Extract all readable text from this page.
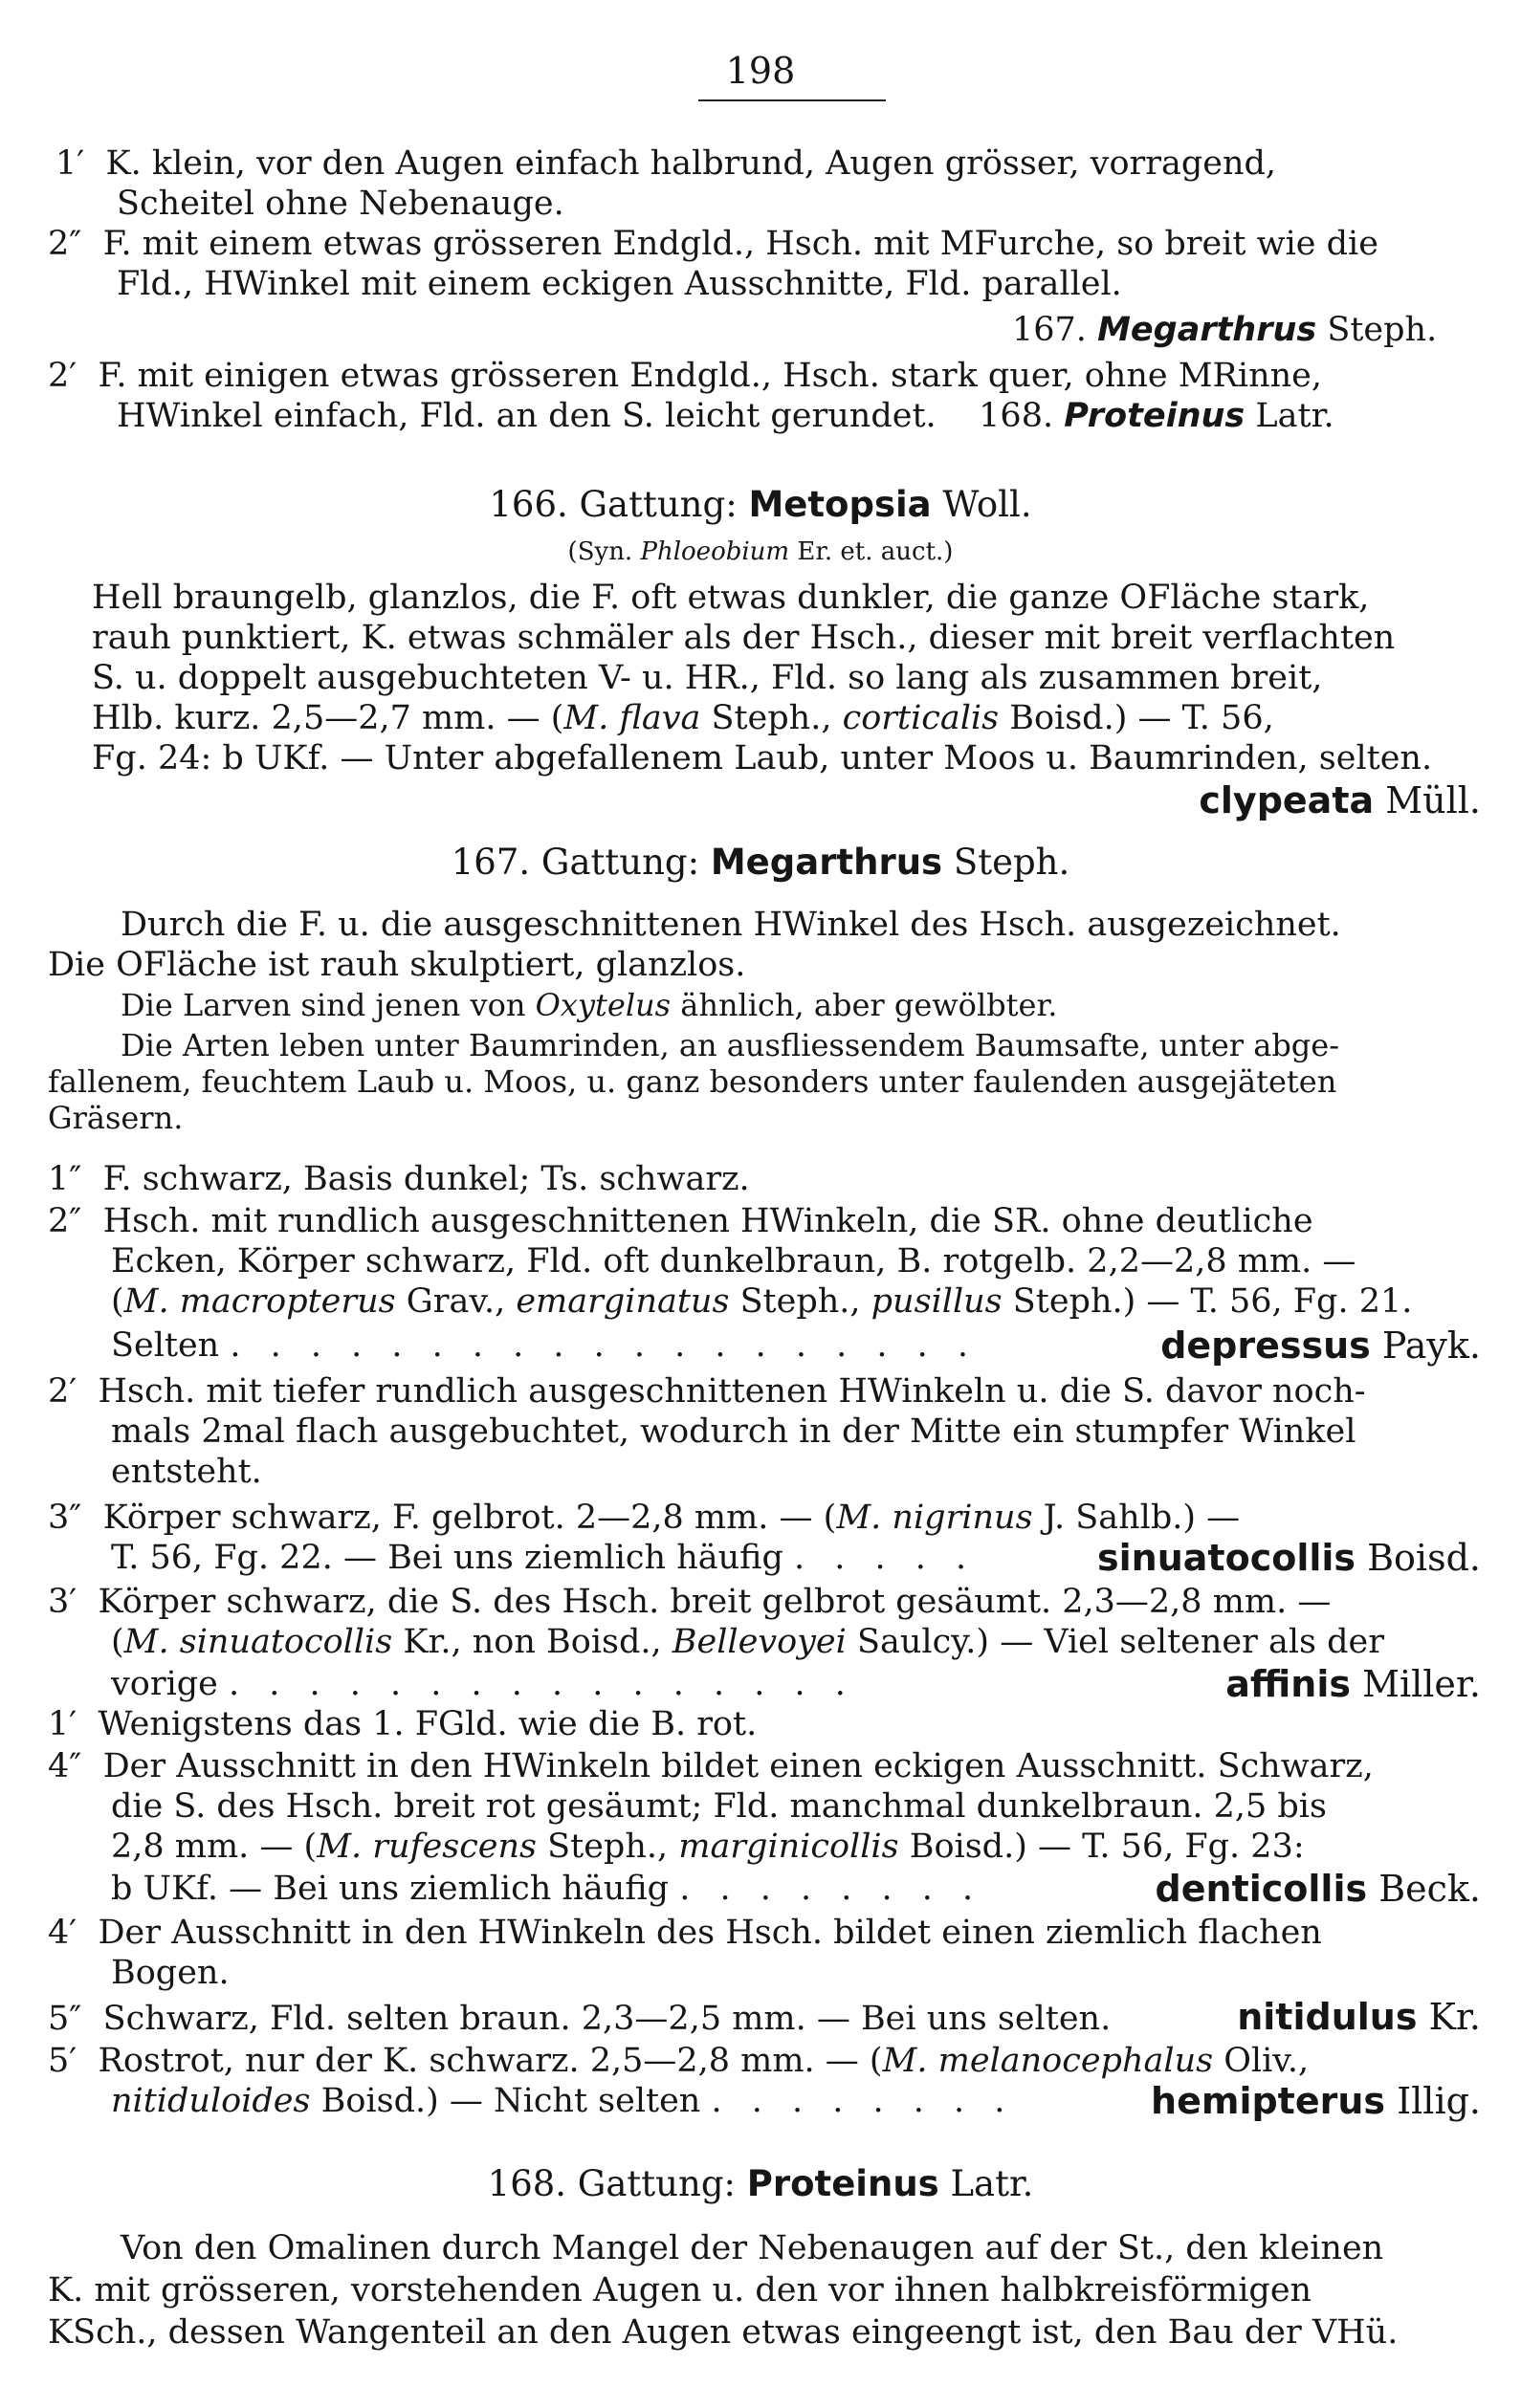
198
1′ K. klein, vor den Augen einfach halbrund, Augen grösser, vorragend,
Scheitel ohne Nebenauge.
2″ F. mit einem etwas grösseren Endgld., Hsch. mit MFurche, so breit wie die
Fld., HWinkel mit einem eckigen Ausschnitte, Fld. parallel.
167. Megarthrus Steph.
2′ F. mit einigen etwas grösseren Endgld., Hsch. stark quer, ohne MRinne,
HWinkel einfach, Fld. an den S. leicht gerundet. 168. Proteinus Latr.
166. Gattung: Metopsia Woll.
(Syn. Phloeobium Er. et. auct.)
Hell braungelb, glanzlos, die F. oft etwas dunkler, die ganze OFläche stark,
rauh punktiert, K. etwas schmäler als der Hsch., dieser mit breit verflachten
S. u. doppelt ausgebuchteten V- u. HR., Fld. so lang als zusammen breit,
Hlb. kurz. 2,5—2,7 mm. — (M. flava Steph., corticalis Boisd.) — T. 56,
Fg. 24: b UKf. — Unter abgefallenem Laub, unter Moos u. Baumrinden, selten.
clypeata Müll.
167. Gattung: Megarthrus Steph.
Durch die F. u. die ausgeschnittenen HWinkel des Hsch. ausgezeichnet.
Die OFläche ist rauh skulptiert, glanzlos.
Die Larven sind jenen von Oxytelus ähnlich, aber gewölbter.
Die Arten leben unter Baumrinden, an ausfliessendem Baumsafte, unter abge-
fallenem, feuchtem Laub u. Moos, u. ganz besonders unter faulenden ausgejäteten
Gräsern.
1″ F. schwarz, Basis dunkel; Ts. schwarz.
2″ Hsch. mit rundlich ausgeschnittenen HWinkeln, die SR. ohne deutliche
Ecken, Körper schwarz, Fld. oft dunkelbraun, B. rotgelb. 2,2—2,8 mm. —
(M. macropterus Grav., emarginatus Steph., pusillus Steph.) — T. 56, Fg. 21.
Selten . . . . . . . . . . . . . . . . . . .	depressus Payk.
2′ Hsch. mit tiefer rundlich ausgeschnittenen HWinkeln u. die S. davor noch-
mals 2mal flach ausgebuchtet, wodurch in der Mitte ein stumpfer Winkel
entsteht.
3″ Körper schwarz, F. gelbrot. 2—2,8 mm. — (M. nigrinus J. Sahlb.) —
T. 56, Fg. 22. — Bei uns ziemlich häufig . . . . .	sinuatocollis Boisd.
3′ Körper schwarz, die S. des Hsch. breit gelbrot gesäumt. 2,3—2,8 mm. —
(M. sinuatocollis Kr., non Boisd., Bellevoyei Saulcy.) — Viel seltener als der
vorige . . . . . . . . . . . . . . . .	affinis Miller.
1′ Wenigstens das 1. FGld. wie die B. rot.
4″ Der Ausschnitt in den HWinkeln bildet einen eckigen Ausschnitt. Schwarz,
die S. des Hsch. breit rot gesäumt; Fld. manchmal dunkelbraun. 2,5 bis
2,8 mm. — (M. rufescens Steph., marginicollis Boisd.) — T. 56, Fg. 23:
b UKf. — Bei uns ziemlich häufig . . . . . . . .	denticollis Beck.
4′ Der Ausschnitt in den HWinkeln des Hsch. bildet einen ziemlich flachen
Bogen.
5″ Schwarz, Fld. selten braun. 2,3—2,5 mm. — Bei uns selten.	nitidulus Kr.
5′ Rostrot, nur der K. schwarz. 2,5—2,8 mm. — (M. melanocephalus Oliv.,
nitiduloides Boisd.) — Nicht selten . . . . . . . .	hemipterus Illig.
168. Gattung: Proteinus Latr.
Von den Omalinen durch Mangel der Nebenaugen auf der St., den kleinen
K. mit grösseren, vorstehenden Augen u. den vor ihnen halbkreisförmigen
KSch., dessen Wangenteil an den Augen etwas eingeengt ist, den Bau der VHü.
